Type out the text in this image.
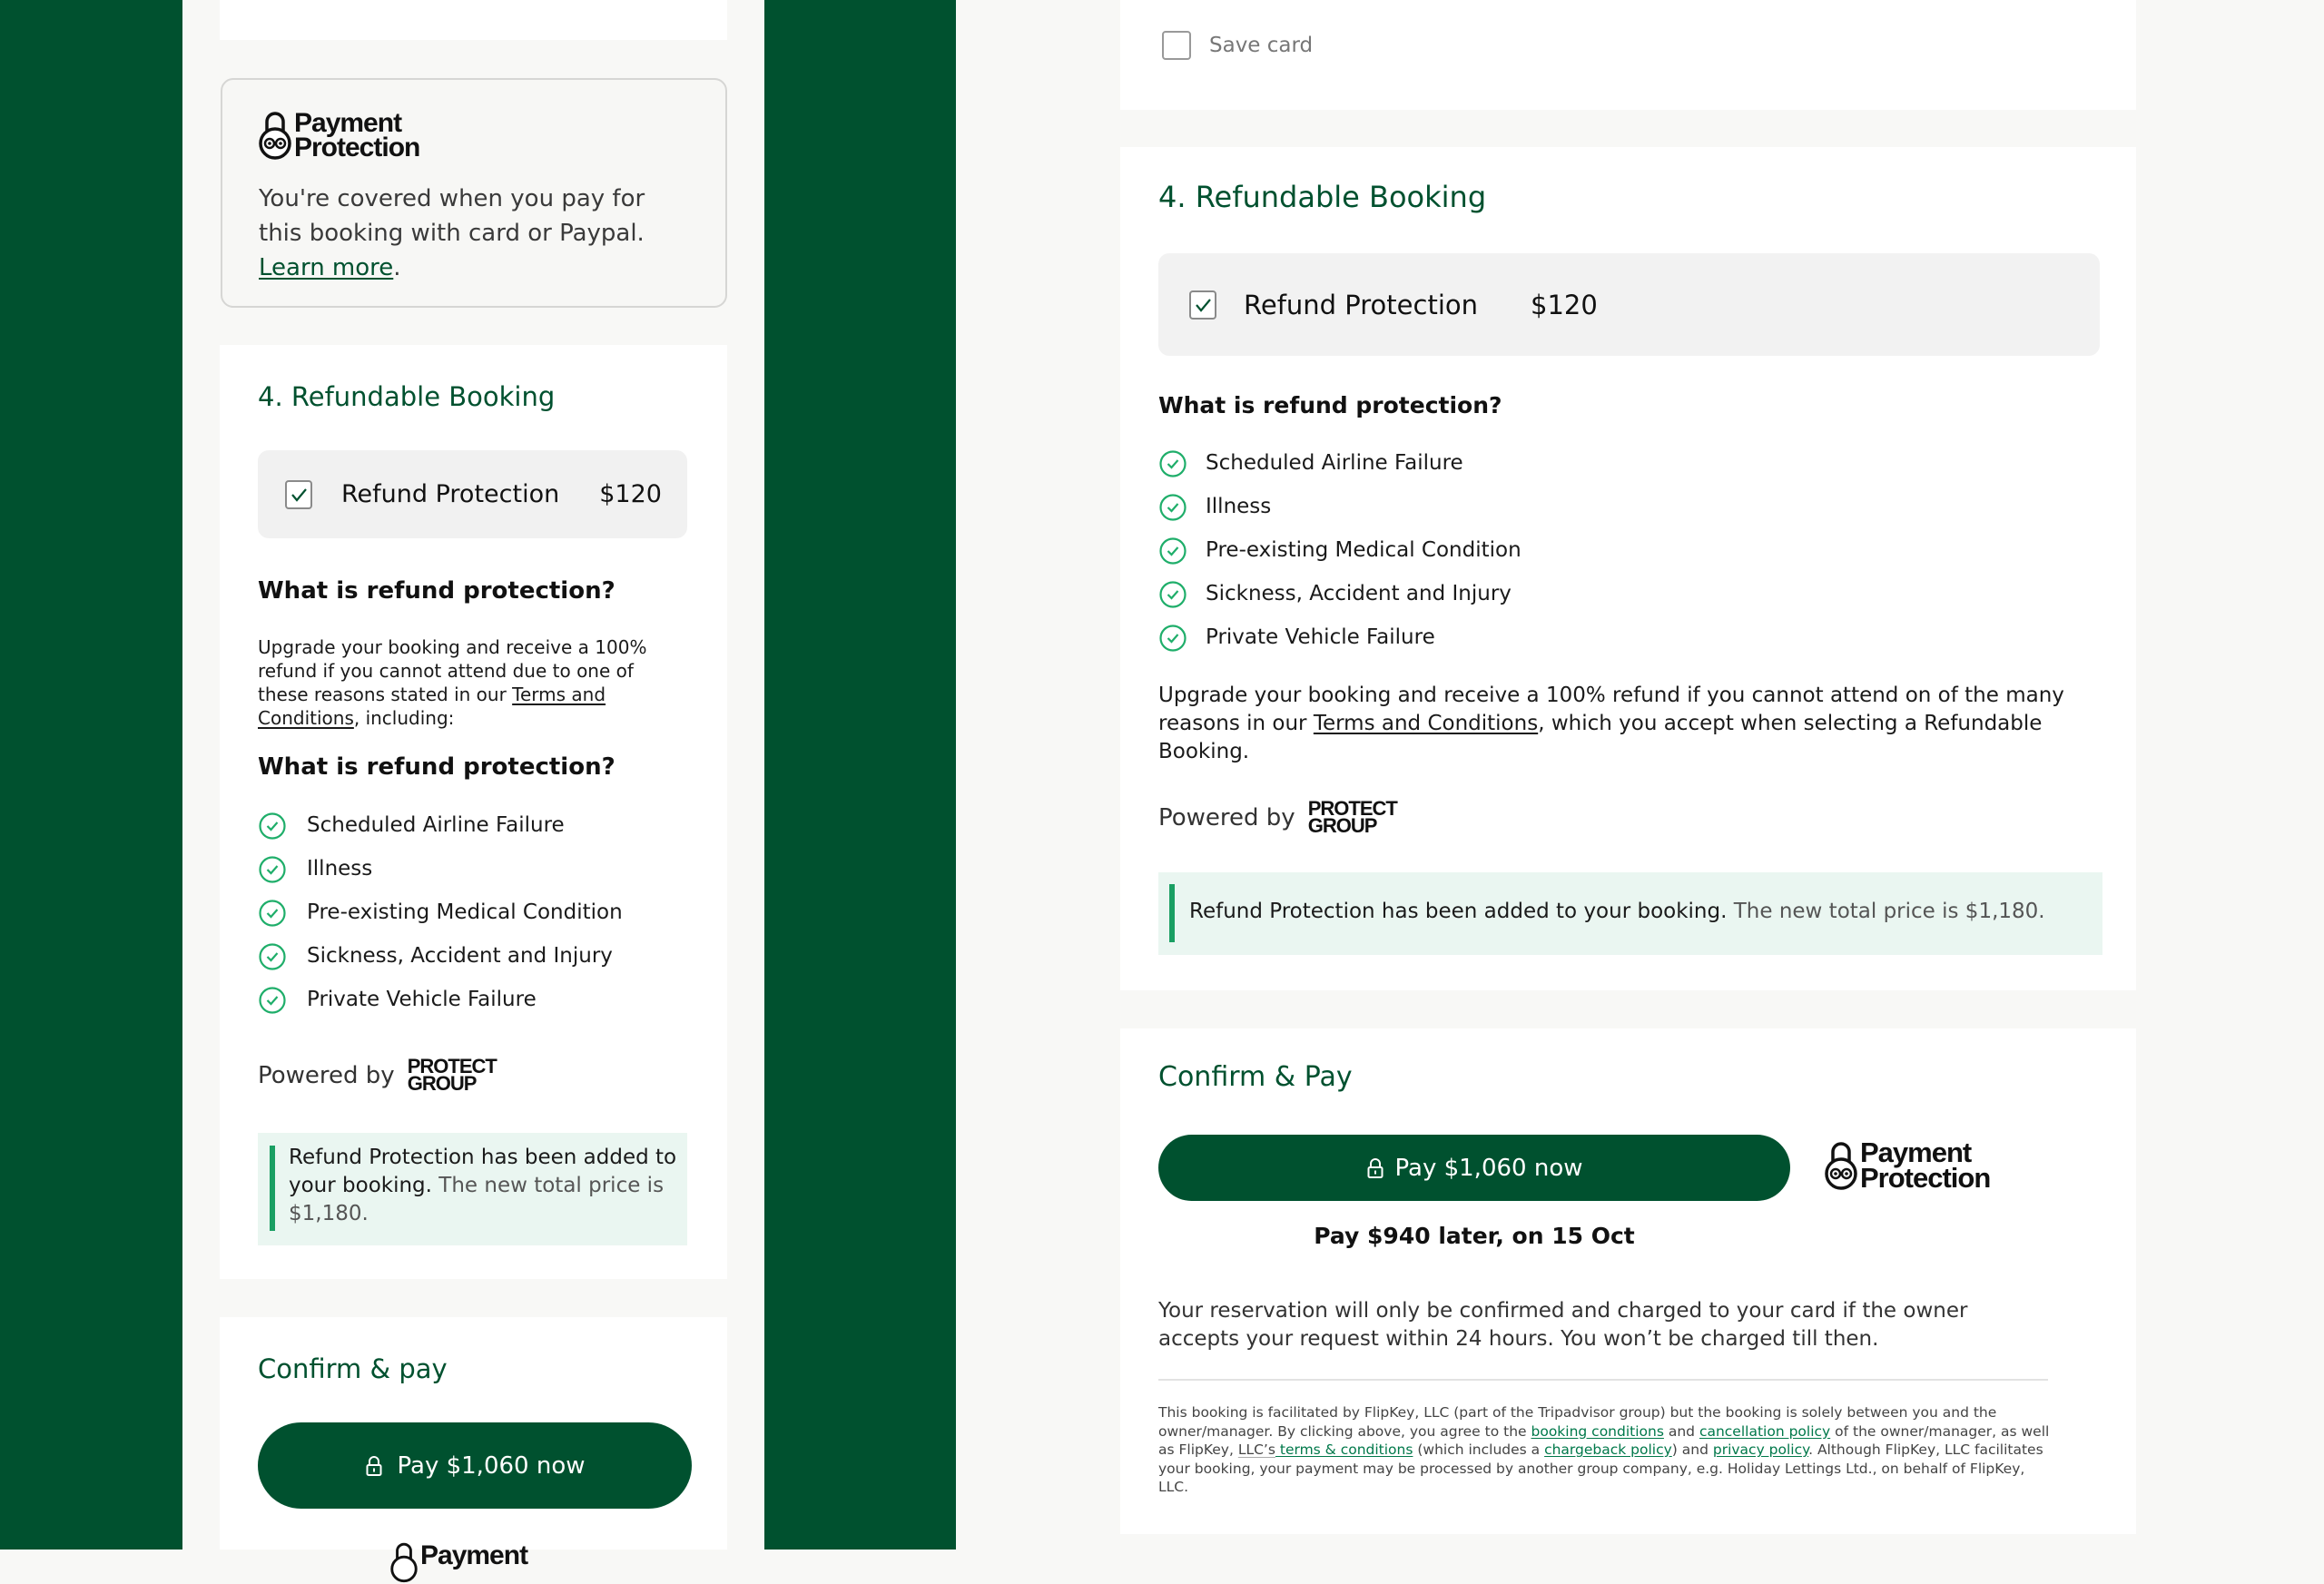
Payment
Protection
You're covered when you pay for this booking with card or Paypal. Learn more.
4. Refundable Booking
Refund Protection $120
What is refund protection?
Upgrade your booking and receive a 100% refund if you cannot attend due to one of these reasons stated in our Terms and Conditions, including:
What is refund protection?
Scheduled Airline Failure
Illness
Pre-existing Medical Condition
Sickness, Accident and Injury
Private Vehicle Failure
Powered by PROTECT
GROUP
Refund Protection has been added to your booking. The new total price is $1,180.
Confirm & pay
Pay $1,060 now
Payment
Save card
4. Refundable Booking
Refund Protection $120
What is refund protection?
Scheduled Airline Failure
Illness
Pre-existing Medical Condition
Sickness, Accident and Injury
Private Vehicle Failure
Upgrade your booking and receive a 100% refund if you cannot attend on of the many reasons in our Terms and Conditions, which you accept when selecting a Refundable Booking.
Powered by PROTECT
GROUP
Refund Protection has been added to your booking. The new total price is $1,180.
Confirm & Pay
Pay $1,060 now	Payment
Protection
Pay $940 later, on 15 Oct
Your reservation will only be confirmed and charged to your card if the owner accepts your request within 24 hours. You won’t be charged till then.
This booking is facilitated by FlipKey, LLC (part of the Tripadvisor group) but the booking is solely between you and the owner/manager. By clicking above, you agree to the booking conditions and cancellation policy of the owner/manager, as well as FlipKey, LLC’s terms & conditions (which includes a chargeback policy) and privacy policy. Although FlipKey, LLC facilitates your booking, your payment may be processed by another group company, e.g. Holiday Lettings Ltd., on behalf of FlipKey, LLC.
